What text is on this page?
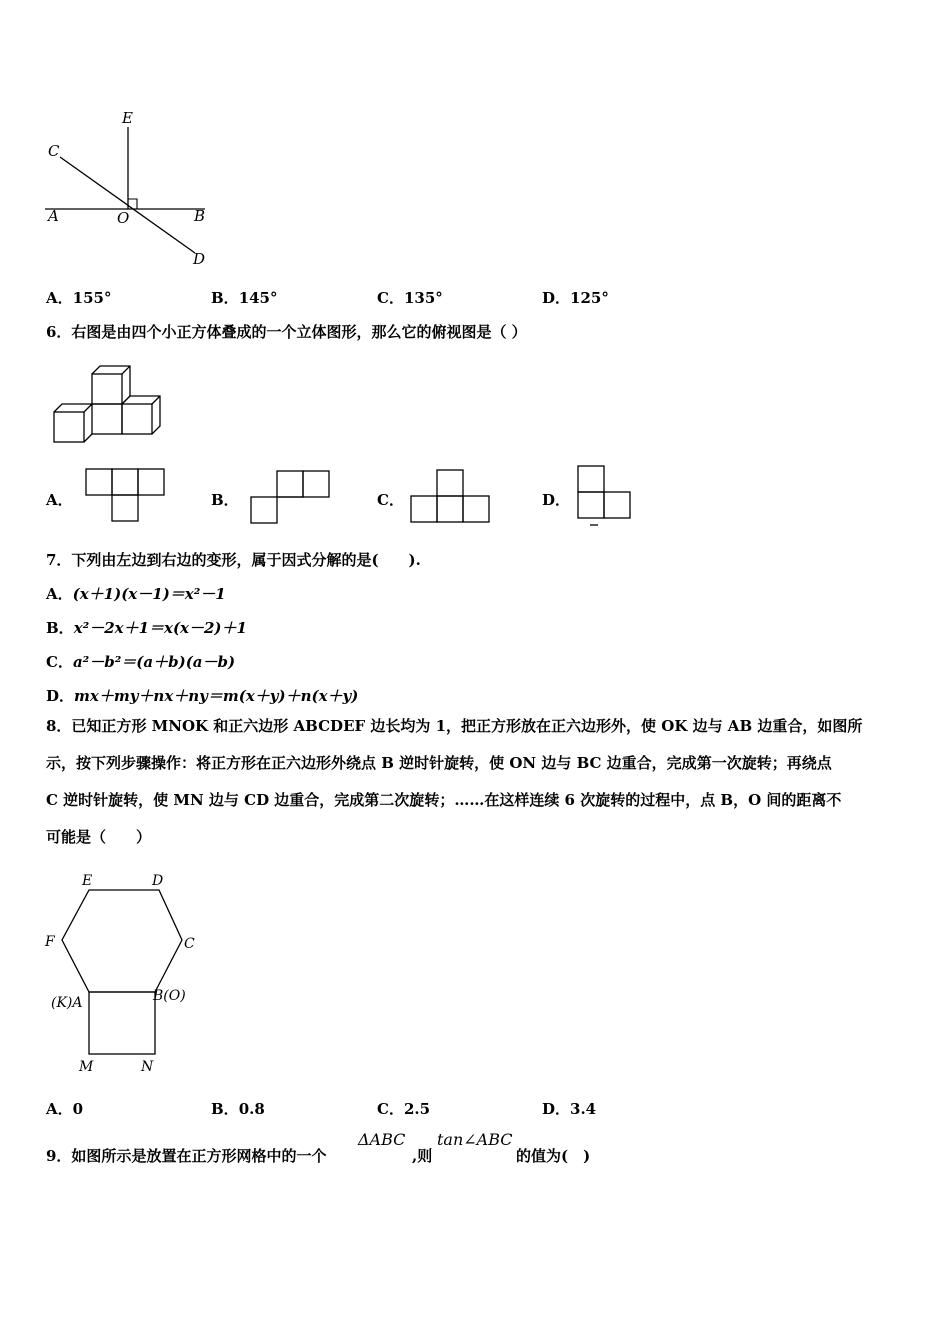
E
C
A	O	B
D
A．155°	B．145°	C．135°	D．125°
6．右图是由四个小正方体叠成的一个立体图形，那么它的俯视图是（ ）
A．	B．	C．	D．
7．下列由左边到右边的变形，属于因式分解的是(　　).
A．(x＋1)(x－1)＝x²－1
B．x²－2x＋1＝x(x－2)＋1
C．a²－b²＝(a＋b)(a－b)
D．mx＋my＋nx＋ny＝m(x＋y)＋n(x＋y)
8．已知正方形 MNOK 和正六边形 ABCDEF 边长均为 1，把正方形放在正六边形外，使 OK 边与 AB 边重合，如图所
示，按下列步骤操作：将正方形在正六边形外绕点 B 逆时针旋转，使 ON 边与 BC 边重合，完成第一次旋转；再绕点
C 逆时针旋转，使 MN 边与 CD 边重合，完成第二次旋转；……在这样连续 6 次旋转的过程中，点 B，O 间的距离不
可能是（　　）
E	D
F	C
(K)A	B(O)
M	N
A．0	B．0.8	C．2.5	D．3.4
9．如图所示是放置在正方形网格中的一个
ΔABC
,则
tan∠ABC
的值为(　)
